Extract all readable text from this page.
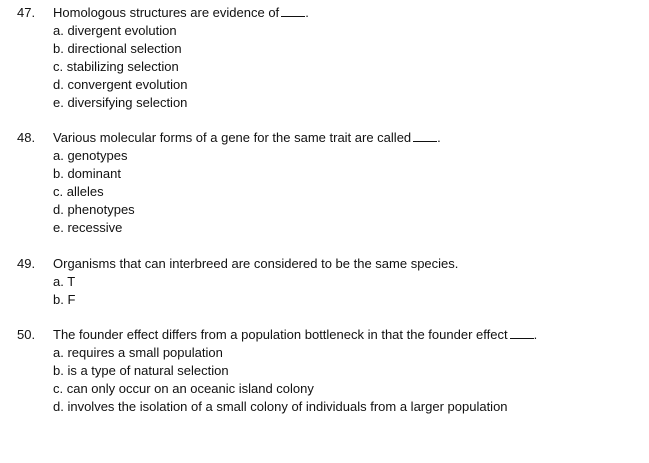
47. Homologous structures are evidence of .
a. divergent evolution
b. directional selection
c. stabilizing selection
d. convergent evolution
e. diversifying selection
48. Various molecular forms of a gene for the same trait are called .
a. genotypes
b. dominant
c. alleles
d. phenotypes
e. recessive
49. Organisms that can interbreed are considered to be the same species.
a. T
b. F
50. The founder effect differs from a population bottleneck in that the founder effect .
a. requires a small population
b. is a type of natural selection
c. can only occur on an oceanic island colony
d. involves the isolation of a small colony of individuals from a larger population
